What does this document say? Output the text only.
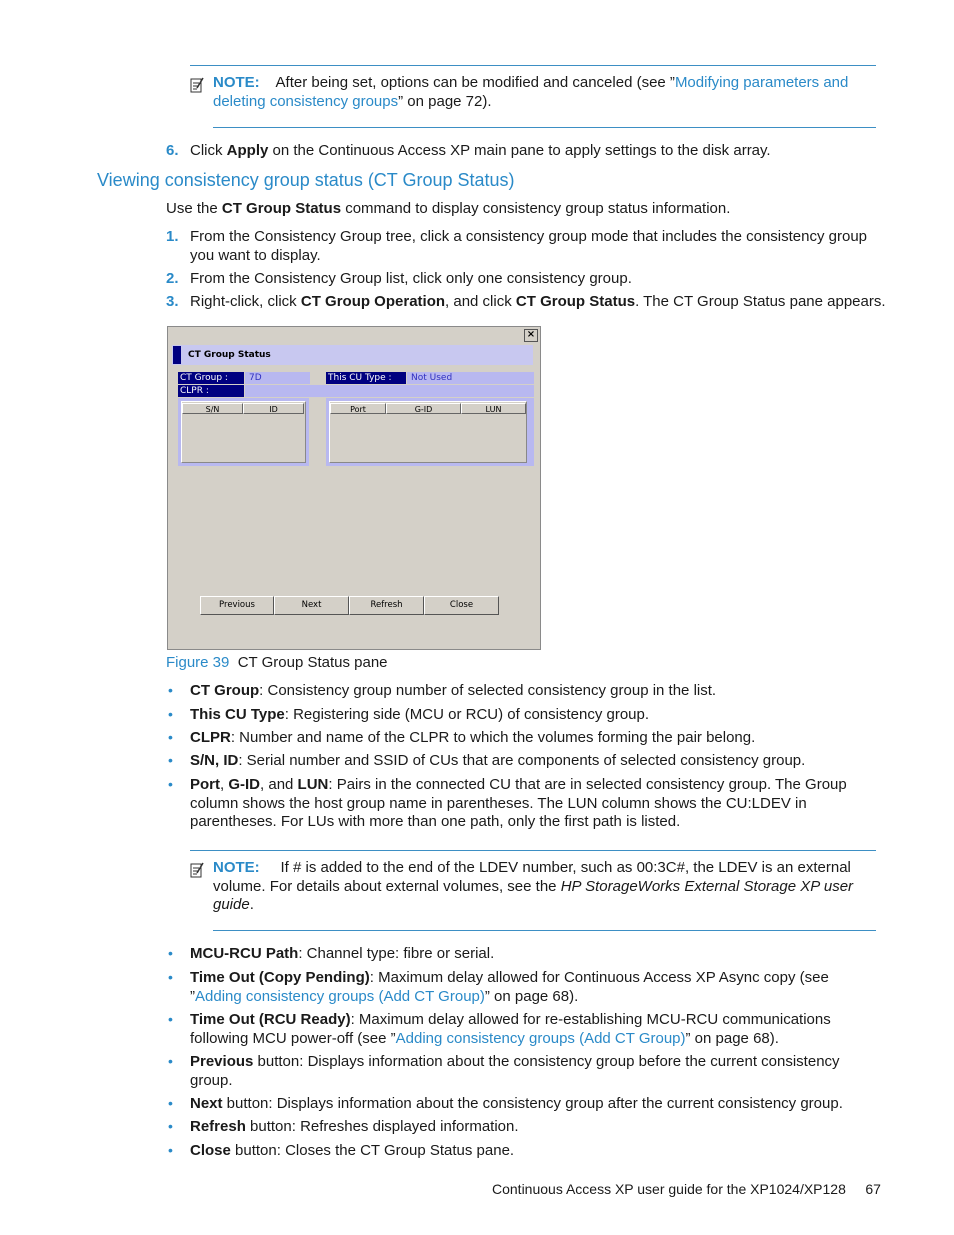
NOTE: After being set, options can be modified and canceled (see ”Modifying parameters and
deleting consistency groups” on page 72).
6. Click Apply on the Continuous Access XP main pane to apply settings to the disk array.
Viewing consistency group status (CT Group Status)
Use the CT Group Status command to display consistency group status information.
1. From the Consistency Group tree, click a consistency group mode that includes the consistency group
you want to display.
2. From the Consistency Group list, click only one consistency group.
3. Right-click, click CT Group Operation, and click CT Group Status. The CT Group Status pane appears.
×
CT Group Status
CT Group :	7D
CLPR :
This CU Type :	Not Used
S/N	ID	Port	G-ID	LUN
Previous	Next	Refresh	Close
Figure 39 CT Group Status pane
• CT Group: Consistency group number of selected consistency group in the list.
• This CU Type: Registering side (MCU or RCU) of consistency group.
• CLPR: Number and name of the CLPR to which the volumes forming the pair belong.
• S/N, ID: Serial number and SSID of CUs that are components of selected consistency group.
• Port, G-ID, and LUN: Pairs in the connected CU that are in selected consistency group. The Group
column shows the host group name in parentheses. The LUN column shows the CU:LDEV in
parentheses. For LUs with more than one path, only the first path is listed.
NOTE: If # is added to the end of the LDEV number, such as 00:3C#, the LDEV is an external
volume. For details about external volumes, see the HP StorageWorks External Storage XP user
guide.
• MCU-RCU Path: Channel type: fibre or serial.
• Time Out (Copy Pending): Maximum delay allowed for Continuous Access XP Async copy (see
”Adding consistency groups (Add CT Group)” on page 68).
• Time Out (RCU Ready): Maximum delay allowed for re-establishing MCU-RCU communications
following MCU power-off (see ”Adding consistency groups (Add CT Group)” on page 68).
• Previous button: Displays information about the consistency group before the current consistency
group.
• Next button: Displays information about the consistency group after the current consistency group.
• Refresh button: Refreshes displayed information.
• Close button: Closes the CT Group Status pane.
Continuous Access XP user guide for the XP1024/XP128 67
